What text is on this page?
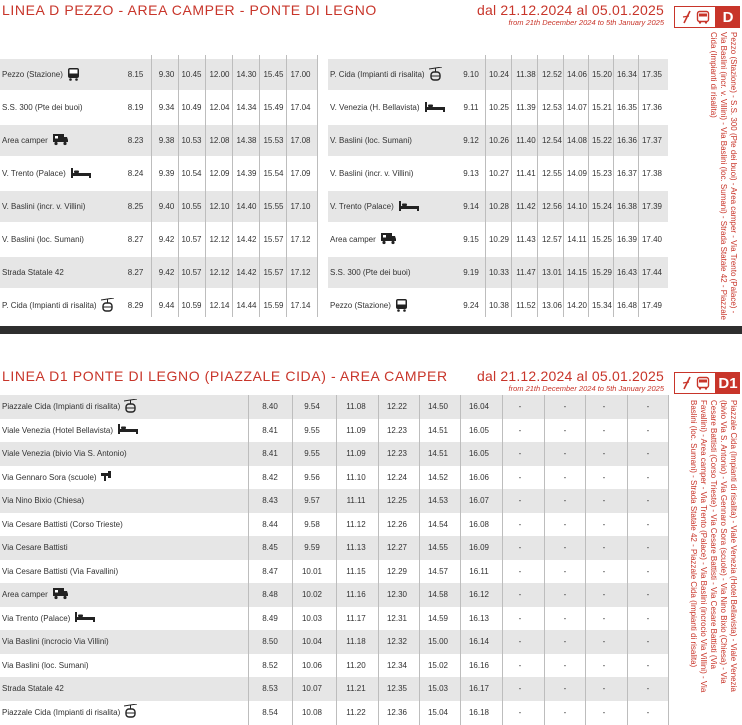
LINEA D PEZZO - AREA CAMPER - PONTE DI LEGNO	dal 21.12.2024 al 05.01.2025
from 21th December 2024 to 5th January 2025	D
Pezzo (Stazione) - S.S. 300 (Pte dei buoi) - Area camper - Via Trento (Palace) - Via Baslini (incr. v. Villini) - Via Baslini (loc. Sumani) - Strada Statale 42 - Piazzale Cida (Impianti di risalita)
Pezzo (Stazione)	8.15	9.30 10.45 12.00 14.30 15.45 17.00
S.S. 300 (Pte dei buoi)	8.19	9.34 10.49 12.04 14.34 15.49 17.04
Area camper	8.23	9.38 10.53 12.08 14.38 15.53 17.08
V. Trento (Palace)	8.24	9.39 10.54 12.09 14.39 15.54 17.09
V. Baslini (incr. v. Villini)	8.25	9.40 10.55 12.10 14.40 15.55 17.10
V. Baslini (loc. Sumani)	8.27	9.42 10.57 12.12 14.42 15.57 17.12
Strada Statale 42	8.27	9.42 10.57 12.12 14.42 15.57 17.12
P. Cida (Impianti di risalita)	8.29	9.44 10.59 12.14 14.44 15.59 17.14
P. Cida (Impianti di risalita)	9.10	10.24 11.38 12.52 14.06 15.20 16.34 17.35
V. Venezia (H. Bellavista)	9.11	10.25 11.39 12.53 14.07 15.21 16.35 17.36
V. Baslini (loc. Sumani)	9.12	10.26 11.40 12.54 14.08 15.22 16.36 17.37
V. Baslini (incr. v. Villini)	9.13	10.27 11.41 12.55 14.09 15.23 16.37 17.38
V. Trento (Palace)	9.14	10.28 11.42 12.56 14.10 15.24 16.38 17.39
Area camper	9.15	10.29 11.43 12.57 14.11 15.25 16.39 17.40
S.S. 300 (Pte dei buoi)	9.19	10.33 11.47 13.01 14.15 15.29 16.43 17.44
Pezzo (Stazione)	9.24	10.38 11.52 13.06 14.20 15.34 16.48 17.49
LINEA D1 PONTE DI LEGNO (PIAZZALE CIDA) - AREA CAMPER dal 21.12.2024 al 05.01.2025
from 21th December 2024 to 5th January 2025	D1
Piazzale Cida (Impianti di risalita) - Viale Venezia (Hotel Bellavista) - Viale Venezia (bivio Via S. Antonio) - Via Gennaro Sora (scuole) - Via Nino Bixio (Chiesa) - Via Cesare Battisti (Corso Trieste) - Via Cesare Battisti - Via Cesare Battisti (Via Favallini) - Area camper - Via Trento (Palace) - Via Baslini (incrocio Via Villini) - Via Baslini (loc. Sumani) - Strada Statale 42 - Piazzale Cida (Impianti di risalita)
Piazzale Cida (Impianti di risalita)	8.40	9.54	11.08	12.22	14.50	16.04	-	-	-	-
Viale Venezia (Hotel Bellavista)	8.41	9.55	11.09	12.23	14.51	16.05	-	-	-	-
Viale Venezia (bivio Via S. Antonio)	8.41	9.55	11.09	12.23	14.51	16.05	-	-	-	-
Via Gennaro Sora (scuole)	8.42	9.56	11.10	12.24	14.52	16.06	-	-	-	-
Via Nino Bixio (Chiesa)	8.43	9.57	11.11	12.25	14.53	16.07	-	-	-	-
Via Cesare Battisti (Corso Trieste)	8.44	9.58	11.12	12.26	14.54	16.08	-	-	-	-
Via Cesare Battisti	8.45	9.59	11.13	12.27	14.55	16.09	-	-	-	-
Via Cesare Battisti (Via Favallini)	8.47	10.01	11.15	12.29	14.57	16.11	-	-	-	-
Area camper	8.48	10.02	11.16	12.30	14.58	16.12	-	-	-	-
Via Trento (Palace)	8.49	10.03	11.17	12.31	14.59	16.13	-	-	-	-
Via Baslini (incrocio Via Villini)	8.50	10.04	11.18	12.32	15.00	16.14	-	-	-	-
Via Baslini (loc. Sumani)	8.52	10.06	11.20	12.34	15.02	16.16	-	-	-	-
Strada Statale 42	8.53	10.07	11.21	12.35	15.03	16.17	-	-	-	-
Piazzale Cida (Impianti di risalita)	8.54	10.08	11.22	12.36	15.04	16.18	-	-	-	-
